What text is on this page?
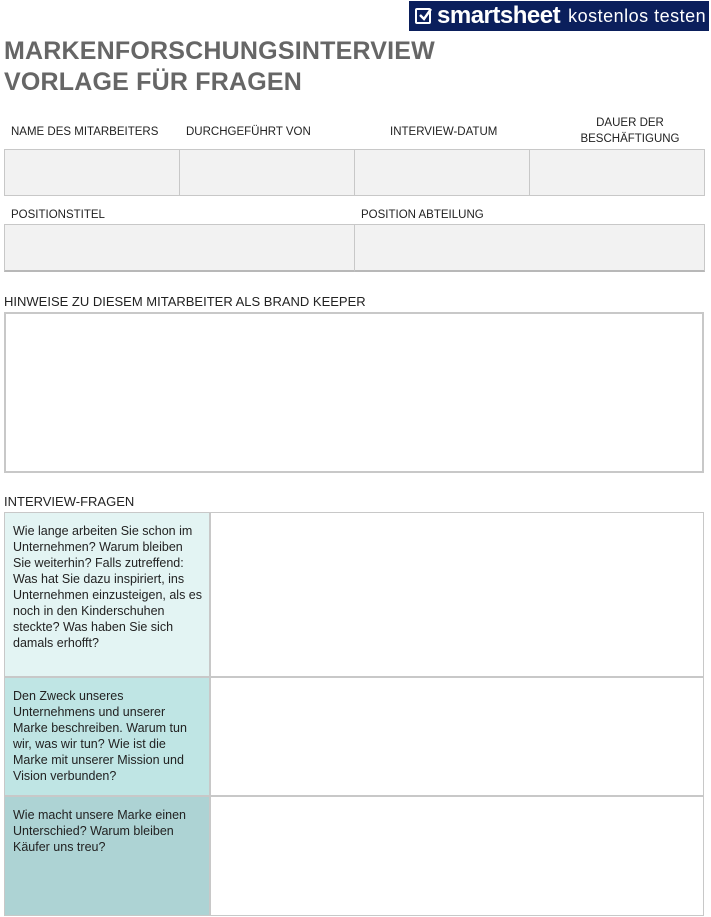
smartsheet kostenlos testen
MARKENFORSCHUNGSINTERVIEW
VORLAGE FÜR FRAGEN
NAME DES MITARBEITERS DURCHGEFÜHRT VON	INTERVIEW-DATUM
DAUER DER BESCHÄFTIGUNG
POSITIONSTITEL	POSITION ABTEILUNG
HINWEISE ZU DIESEM MITARBEITER ALS BRAND KEEPER
INTERVIEW-FRAGEN
Wie lange arbeiten Sie schon im Unternehmen? Warum bleiben Sie weiterhin? Falls zutreffend: Was hat Sie dazu inspiriert, ins Unternehmen einzusteigen, als es noch in den Kinderschuhen steckte? Was haben Sie sich damals erhofft?
Den Zweck unseres Unternehmens und unserer Marke beschreiben. Warum tun wir, was wir tun? Wie ist die Marke mit unserer Mission und Vision verbunden?
Wie macht unsere Marke einen Unterschied? Warum bleiben Käufer uns treu?
